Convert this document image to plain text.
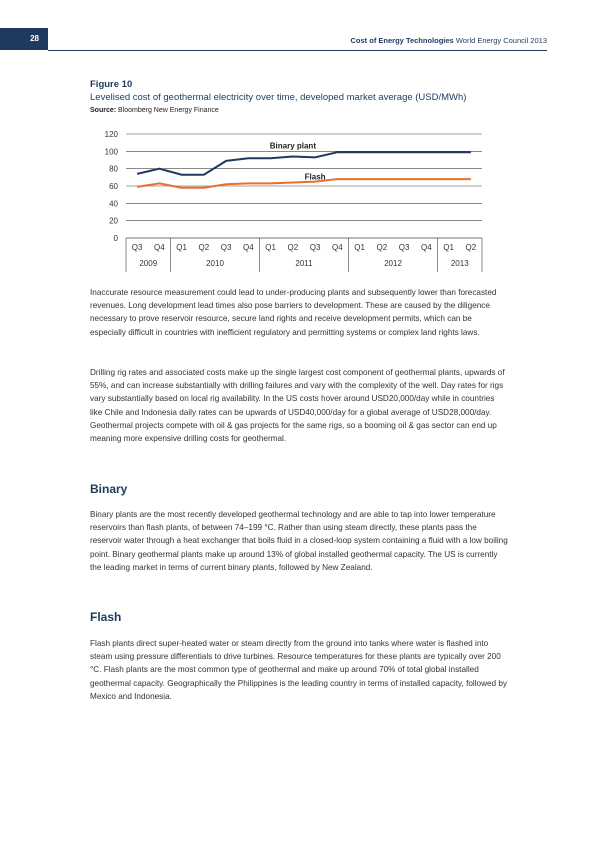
28	Cost of Energy Technologies World Energy Council 2013
Figure 10
Levelised cost of geothermal electricity over time, developed market average (USD/MWh)
Source: Bloomberg New Energy Finance
0
20
40
60
80
100
120
Q3 Q4 Q1 Q2 Q3 Q4 Q1 Q2 Q3 Q4 Q1 Q2 Q3 Q4 Q1 Q2
2009	2010	2011	2012	2013
Binary plant
Flash

Inaccurate resource measurement could lead to under-producing plants and subsequently lower than forecasted revenues. Long development lead times also pose barriers to development. These are caused by the diligence necessary to prove reservoir resource, secure land rights and receive development permits, which can be especially difficult in countries with inefficient regulatory and permitting systems or complex land rights laws.

Drilling rig rates and associated costs make up the single largest cost component of geothermal plants, upwards of 55%, and can increase substantially with drilling failures and vary with the complexity of the well. Day rates for rigs vary substantially based on local rig availability. In the US costs hover around USD20,000/day while in countries like Chile and Indonesia daily rates can be upwards of USD40,000/day for a global average of USD28,000/day. Geothermal projects compete with oil & gas projects for the same rigs, so a booming oil & gas sector can end up meaning more expensive drilling costs for geothermal.

Binary

Binary plants are the most recently developed geothermal technology and are able to tap into lower temperature reservoirs than flash plants, of between 74–199 °C. Rather than using steam directly, these plants pass the reservoir water through a heat exchanger that boils fluid in a closed-loop system containing a fluid with a low boiling point. Binary geothermal plants make up around 13% of global installed geothermal capacity. The US is currently the leading market in terms of current binary plants, followed by New Zealand.

Flash

Flash plants direct super-heated water or steam directly from the ground into tanks where water is flashed into steam using pressure differentials to drive turbines. Resource temperatures for these plants are typically over 200 °C. Flash plants are the most common type of geothermal and make up around 70% of total global installed geothermal capacity. Geographically the Philippines is the leading country in terms of installed capacity, followed by Mexico and Indonesia.
